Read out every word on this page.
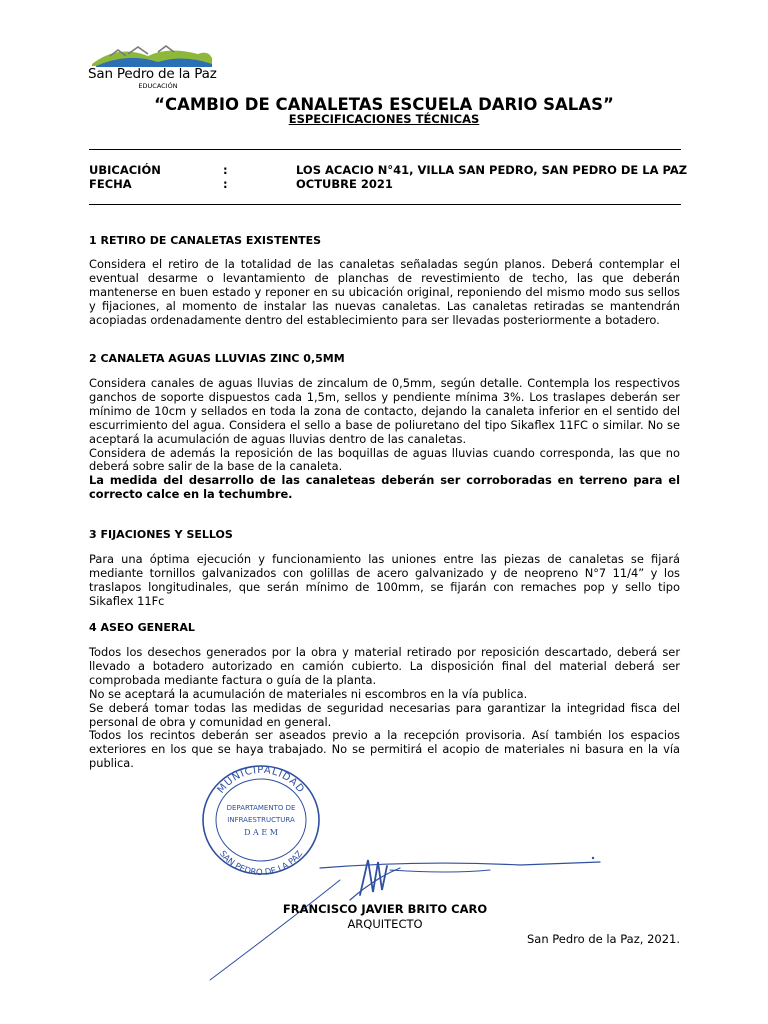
San Pedro de la Paz
EDUCACIÓN
“CAMBIO DE CANALETAS ESCUELA DARIO SALAS”
ESPECIFICACIONES TÉCNICAS
UBICACIÓN	:	LOS ACACIO N°41, VILLA SAN PEDRO, SAN PEDRO DE LA PAZ
FECHA	:	OCTUBRE 2021
1 RETIRO DE CANALETAS EXISTENTES

Considera el retiro de la totalidad de las canaletas señaladas según planos. Deberá contemplar el eventual desarme o levantamiento de planchas de revestimiento de techo, las que deberán mantenerse en buen estado y reponer en su ubicación original, reponiendo del mismo modo sus sellos y fijaciones, al momento de instalar las nuevas canaletas. Las canaletas retiradas se mantendrán acopiadas ordenadamente dentro del establecimiento para ser llevadas posteriormente a botadero.

2 CANALETA AGUAS LLUVIAS ZINC 0,5MM
Considera canales de aguas lluvias de zincalum de 0,5mm, según detalle. Contempla los respectivos ganchos de soporte dispuestos cada 1,5m, sellos y pendiente mínima 3%. Los traslapes deberán ser mínimo de 10cm y sellados en toda la zona de contacto, dejando la canaleta inferior en el sentido del escurrimiento del agua. Considera el sello a base de poliuretano del tipo Sikaflex 11FC o similar. No se aceptará la acumulación de aguas lluvias dentro de las canaletas.
Considera de además la reposición de las boquillas de aguas lluvias cuando corresponda, las que no deberá sobre salir de la base de la canaleta.
La medida del desarrollo de las canaleteas deberán ser corroboradas en terreno para el correcto calce en la techumbre.
3 FIJACIONES Y SELLOS

Para una óptima ejecución y funcionamiento las uniones entre las piezas de canaletas se fijará mediante tornillos galvanizados con golillas de acero galvanizado y de neopreno N°7 11/4” y los traslapos longitudinales, que serán mínimo de 100mm, se fijarán con remaches pop y sello tipo Sikaflex 11Fc

4 ASEO GENERAL
Todos los desechos generados por la obra y material retirado por reposición descartado, deberá ser llevado a botadero autorizado en camión cubierto. La disposición final del material deberá ser comprobada mediante factura o guía de la planta.
No se aceptará la acumulación de materiales ni escombros en la vía publica.
Se deberá tomar todas las medidas de seguridad necesarias para garantizar la integridad fisca del personal de obra y comunidad en general.
Todos los recintos deberán ser aseados previo a la recepción provisoria. Así también los espacios exteriores en los que se haya trabajado. No se permitirá el acopio de materiales ni basura en la vía publica.
MUNICIPALIDAD
DEPARTAMENTO DE
INFRAESTRUCTURA
D A E M
SAN PEDRO DE LA PAZ
FRANCISCO JAVIER BRITO CARO
ARQUITECTO
San Pedro de la Paz, 2021.
